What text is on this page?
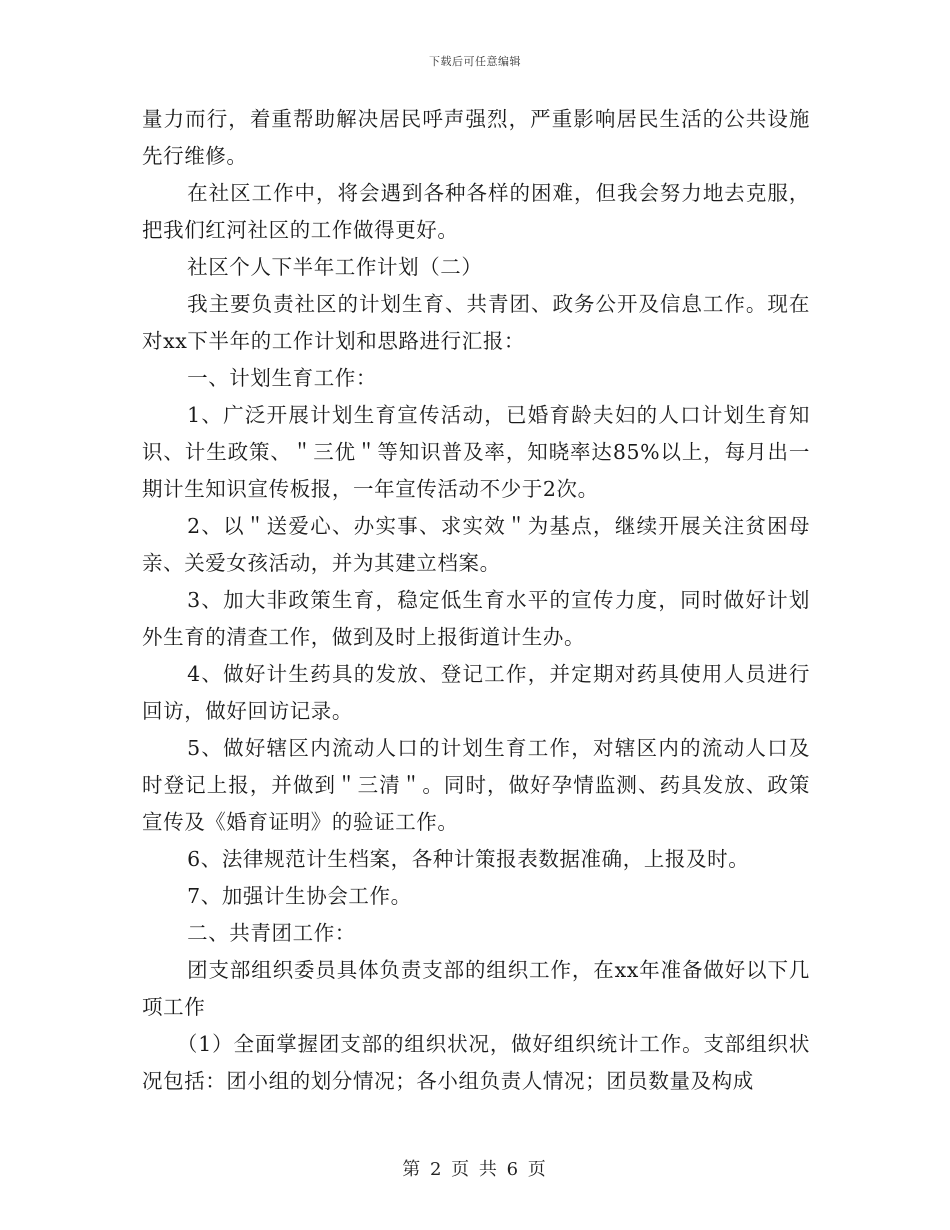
下载后可任意编辑

量力而行，着重帮助解决居民呼声强烈，严重影响居民生活的公共设施先行维修。

在社区工作中，将会遇到各种各样的困难，但我会努力地去克服，把我们红河社区的工作做得更好。

社区个人下半年工作计划（二）

我主要负责社区的计划生育、共青团、政务公开及信息工作。现在对xx下半年的工作计划和思路进行汇报：

一、计划生育工作：

1、广泛开展计划生育宣传活动，已婚育龄夫妇的人口计划生育知识、计生政策、＂三优＂等知识普及率，知晓率达85%以上，每月出一期计生知识宣传板报，一年宣传活动不少于2次。

2、以＂送爱心、办实事、求实效＂为基点，继续开展关注贫困母亲、关爱女孩活动，并为其建立档案。

3、加大非政策生育，稳定低生育水平的宣传力度，同时做好计划外生育的清查工作，做到及时上报街道计生办。

4、做好计生药具的发放、登记工作，并定期对药具使用人员进行回访，做好回访记录。

5、做好辖区内流动人口的计划生育工作，对辖区内的流动人口及时登记上报，并做到＂三清＂。同时，做好孕情监测、药具发放、政策宣传及《婚育证明》的验证工作。

6、法律规范计生档案，各种计策报表数据准确，上报及时。

7、加强计生协会工作。

二、共青团工作：

团支部组织委员具体负责支部的组织工作，在xx年准备做好以下几项工作

（1）全面掌握团支部的组织状况，做好组织统计工作。支部组织状况包括：团小组的划分情况；各小组负责人情况；团员数量及构成

第 2 页 共 6 页
